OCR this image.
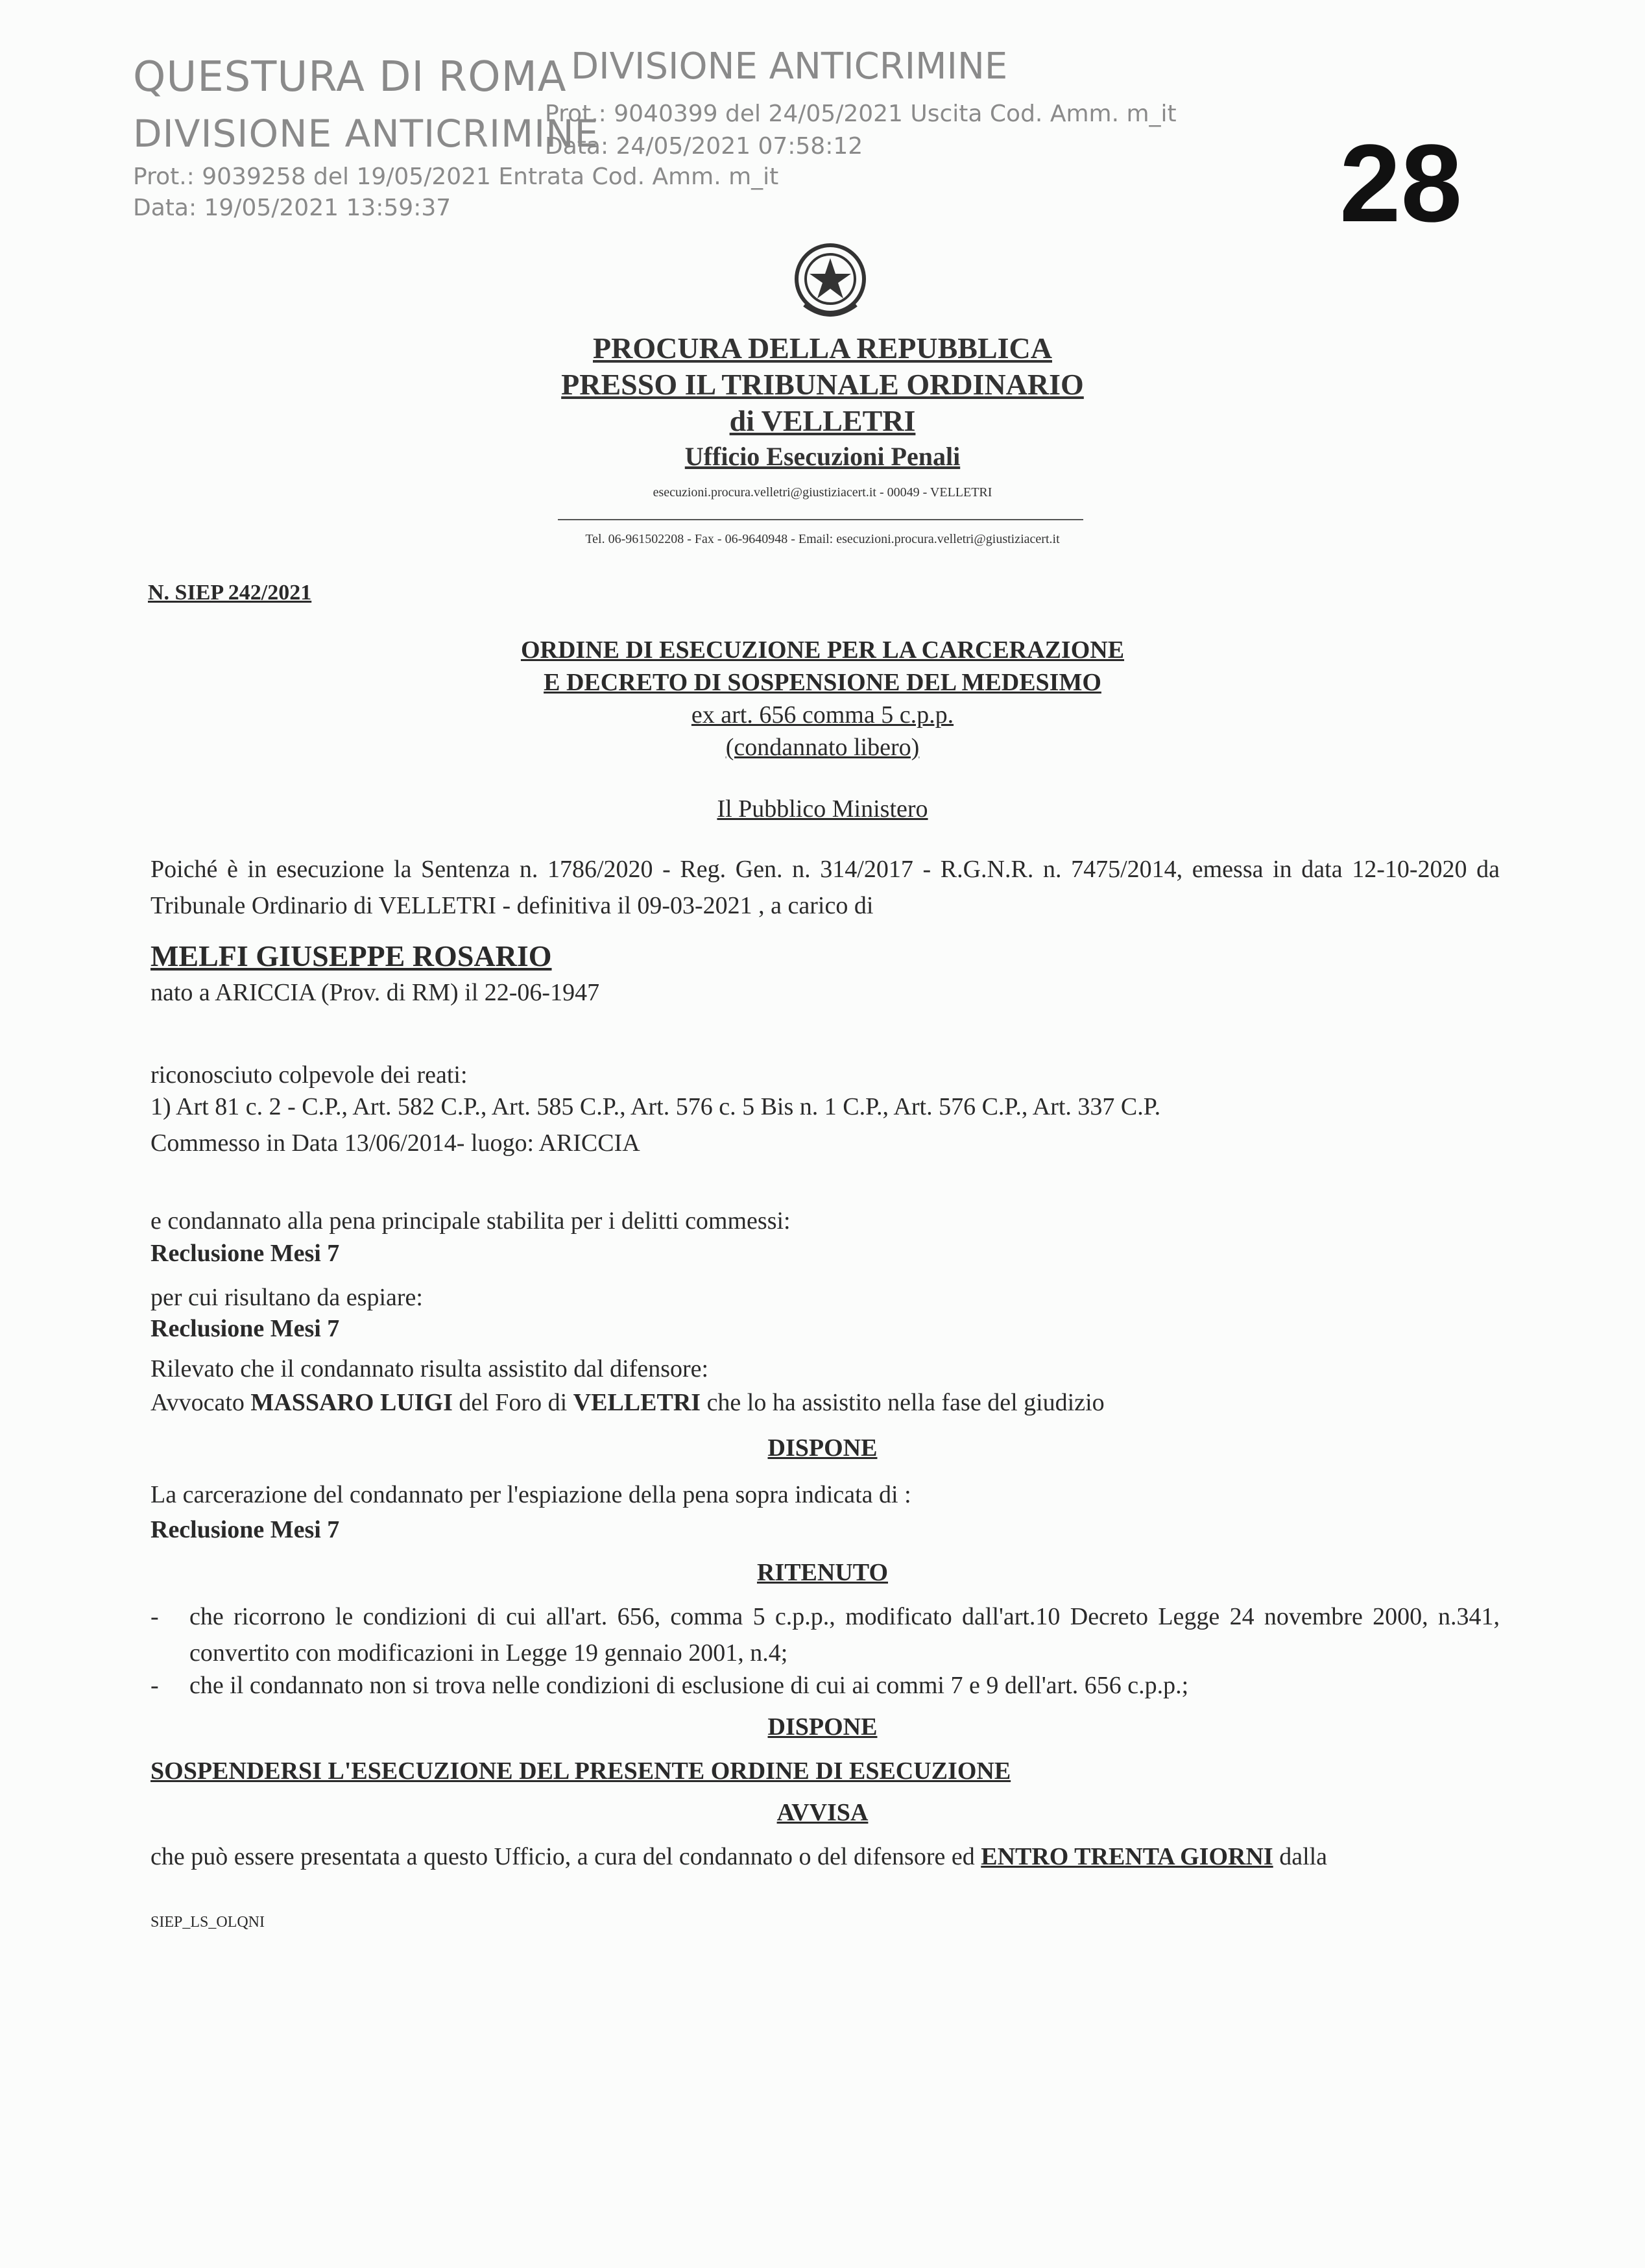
QUESTURA DI ROMA
DIVISIONE ANTICRIMINE
Prot.: 9039258 del 19/05/2021 Entrata Cod. Amm. m_it
Data: 19/05/2021 13:59:37
DIVISIONE ANTICRIMINE
Prot.: 9040399 del 24/05/2021 Uscita Cod. Amm. m_it
Data: 24/05/2021 07:58:12	28
PROCURA DELLA REPUBBLICA
PRESSO IL TRIBUNALE ORDINARIO
di VELLETRI
Ufficio Esecuzioni Penali
esecuzioni.procura.velletri@giustiziacert.it - 00049 - VELLETRI
Tel. 06-961502208 - Fax - 06-9640948 - Email: esecuzioni.procura.velletri@giustiziacert.it
N. SIEP 242/2021
ORDINE DI ESECUZIONE PER LA CARCERAZIONE
E DECRETO DI SOSPENSIONE DEL MEDESIMO
ex art. 656 comma 5 c.p.p.
(condannato libero)
Il Pubblico Ministero
Poiché è in esecuzione la Sentenza n. 1786/2020 - Reg. Gen. n. 314/2017 - R.G.N.R. n. 7475/2014, emessa in data 12-10-2020 da Tribunale Ordinario di VELLETRI - definitiva il 09-03-2021 , a carico di
MELFI GIUSEPPE ROSARIO
nato a ARICCIA (Prov. di RM) il 22-06-1947
riconosciuto colpevole dei reati:
1) Art 81 c. 2 - C.P., Art. 582 C.P., Art. 585 C.P., Art. 576 c. 5 Bis n. 1 C.P., Art. 576 C.P., Art. 337 C.P.
Commesso in Data 13/06/2014- luogo: ARICCIA
e condannato alla pena principale stabilita per i delitti commessi:
Reclusione Mesi 7
per cui risultano da espiare:
Reclusione Mesi 7
Rilevato che il condannato risulta assistito dal difensore:
Avvocato MASSARO LUIGI del Foro di VELLETRI che lo ha assistito nella fase del giudizio
DISPONE
La carcerazione del condannato per l'espiazione della pena sopra indicata di :
Reclusione Mesi 7
RITENUTO
- che ricorrono le condizioni di cui all'art. 656, comma 5 c.p.p., modificato dall'art.10 Decreto Legge 24 novembre 2000, n.341, convertito con modificazioni in Legge 19 gennaio 2001, n.4;
- che il condannato non si trova nelle condizioni di esclusione di cui ai commi 7 e 9 dell'art. 656 c.p.p.;
DISPONE
SOSPENDERSI L'ESECUZIONE DEL PRESENTE ORDINE DI ESECUZIONE
AVVISA
che può essere presentata a questo Ufficio, a cura del condannato o del difensore ed ENTRO TRENTA GIORNI dalla
SIEP_LS_OLQNI
